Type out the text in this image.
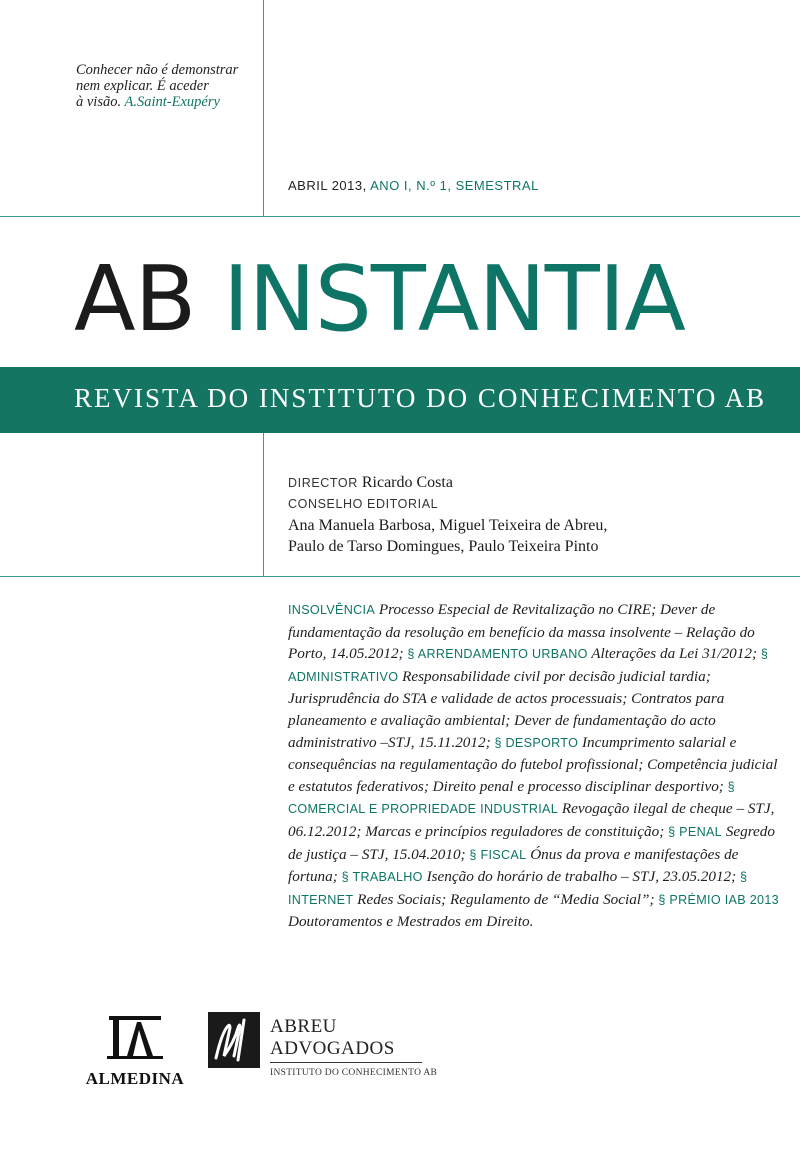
Conhecer não é demonstrar
nem explicar. É aceder
à visão. A.Saint-Exupéry
ABRIL 2013, ANO I, N.º 1, SEMESTRAL
AB INSTANTIA
REVISTA DO INSTITUTO DO CONHECIMENTO AB
DIRECTOR Ricardo Costa
CONSELHO EDITORIAL
Ana Manuela Barbosa, Miguel Teixeira de Abreu,
Paulo de Tarso Domingues, Paulo Teixeira Pinto
INSOLVÊNCIA Processo Especial de Revitalização no CIRE; Dever de fundamentação da resolução em benefício da massa insolvente – Relação do Porto, 14.05.2012; § ARRENDAMENTO URBANO Alterações da Lei 31/2012; § ADMINISTRATIVO Responsabilidade civil por decisão judicial tardia; Jurisprudência do STA e validade de actos processuais; Contratos para planeamento e avaliação ambiental; Dever de fundamentação do acto administrativo –STJ, 15.11.2012; § DESPORTO Incumprimento salarial e consequências na regulamentação do futebol profissional; Competência judicial e estatutos federativos; Direito penal e processo disciplinar desportivo; § COMERCIAL E PROPRIEDADE INDUSTRIAL Revogação ilegal de cheque – STJ, 06.12.2012; Marcas e princípios reguladores de constituição; § PENAL Segredo de justiça – STJ, 15.04.2010; § FISCAL Ónus da prova e manifestações de fortuna; § TRABALHO Isenção do horário de trabalho – STJ, 23.05.2012; § INTERNET Redes Sociais; Regulamento de “Media Social”; § PRÉMIO IAB 2013 Doutoramentos e Mestrados em Direito.
ALMEDINA
ABREU
ADVOGADOS
INSTITUTO DO CONHECIMENTO AB
